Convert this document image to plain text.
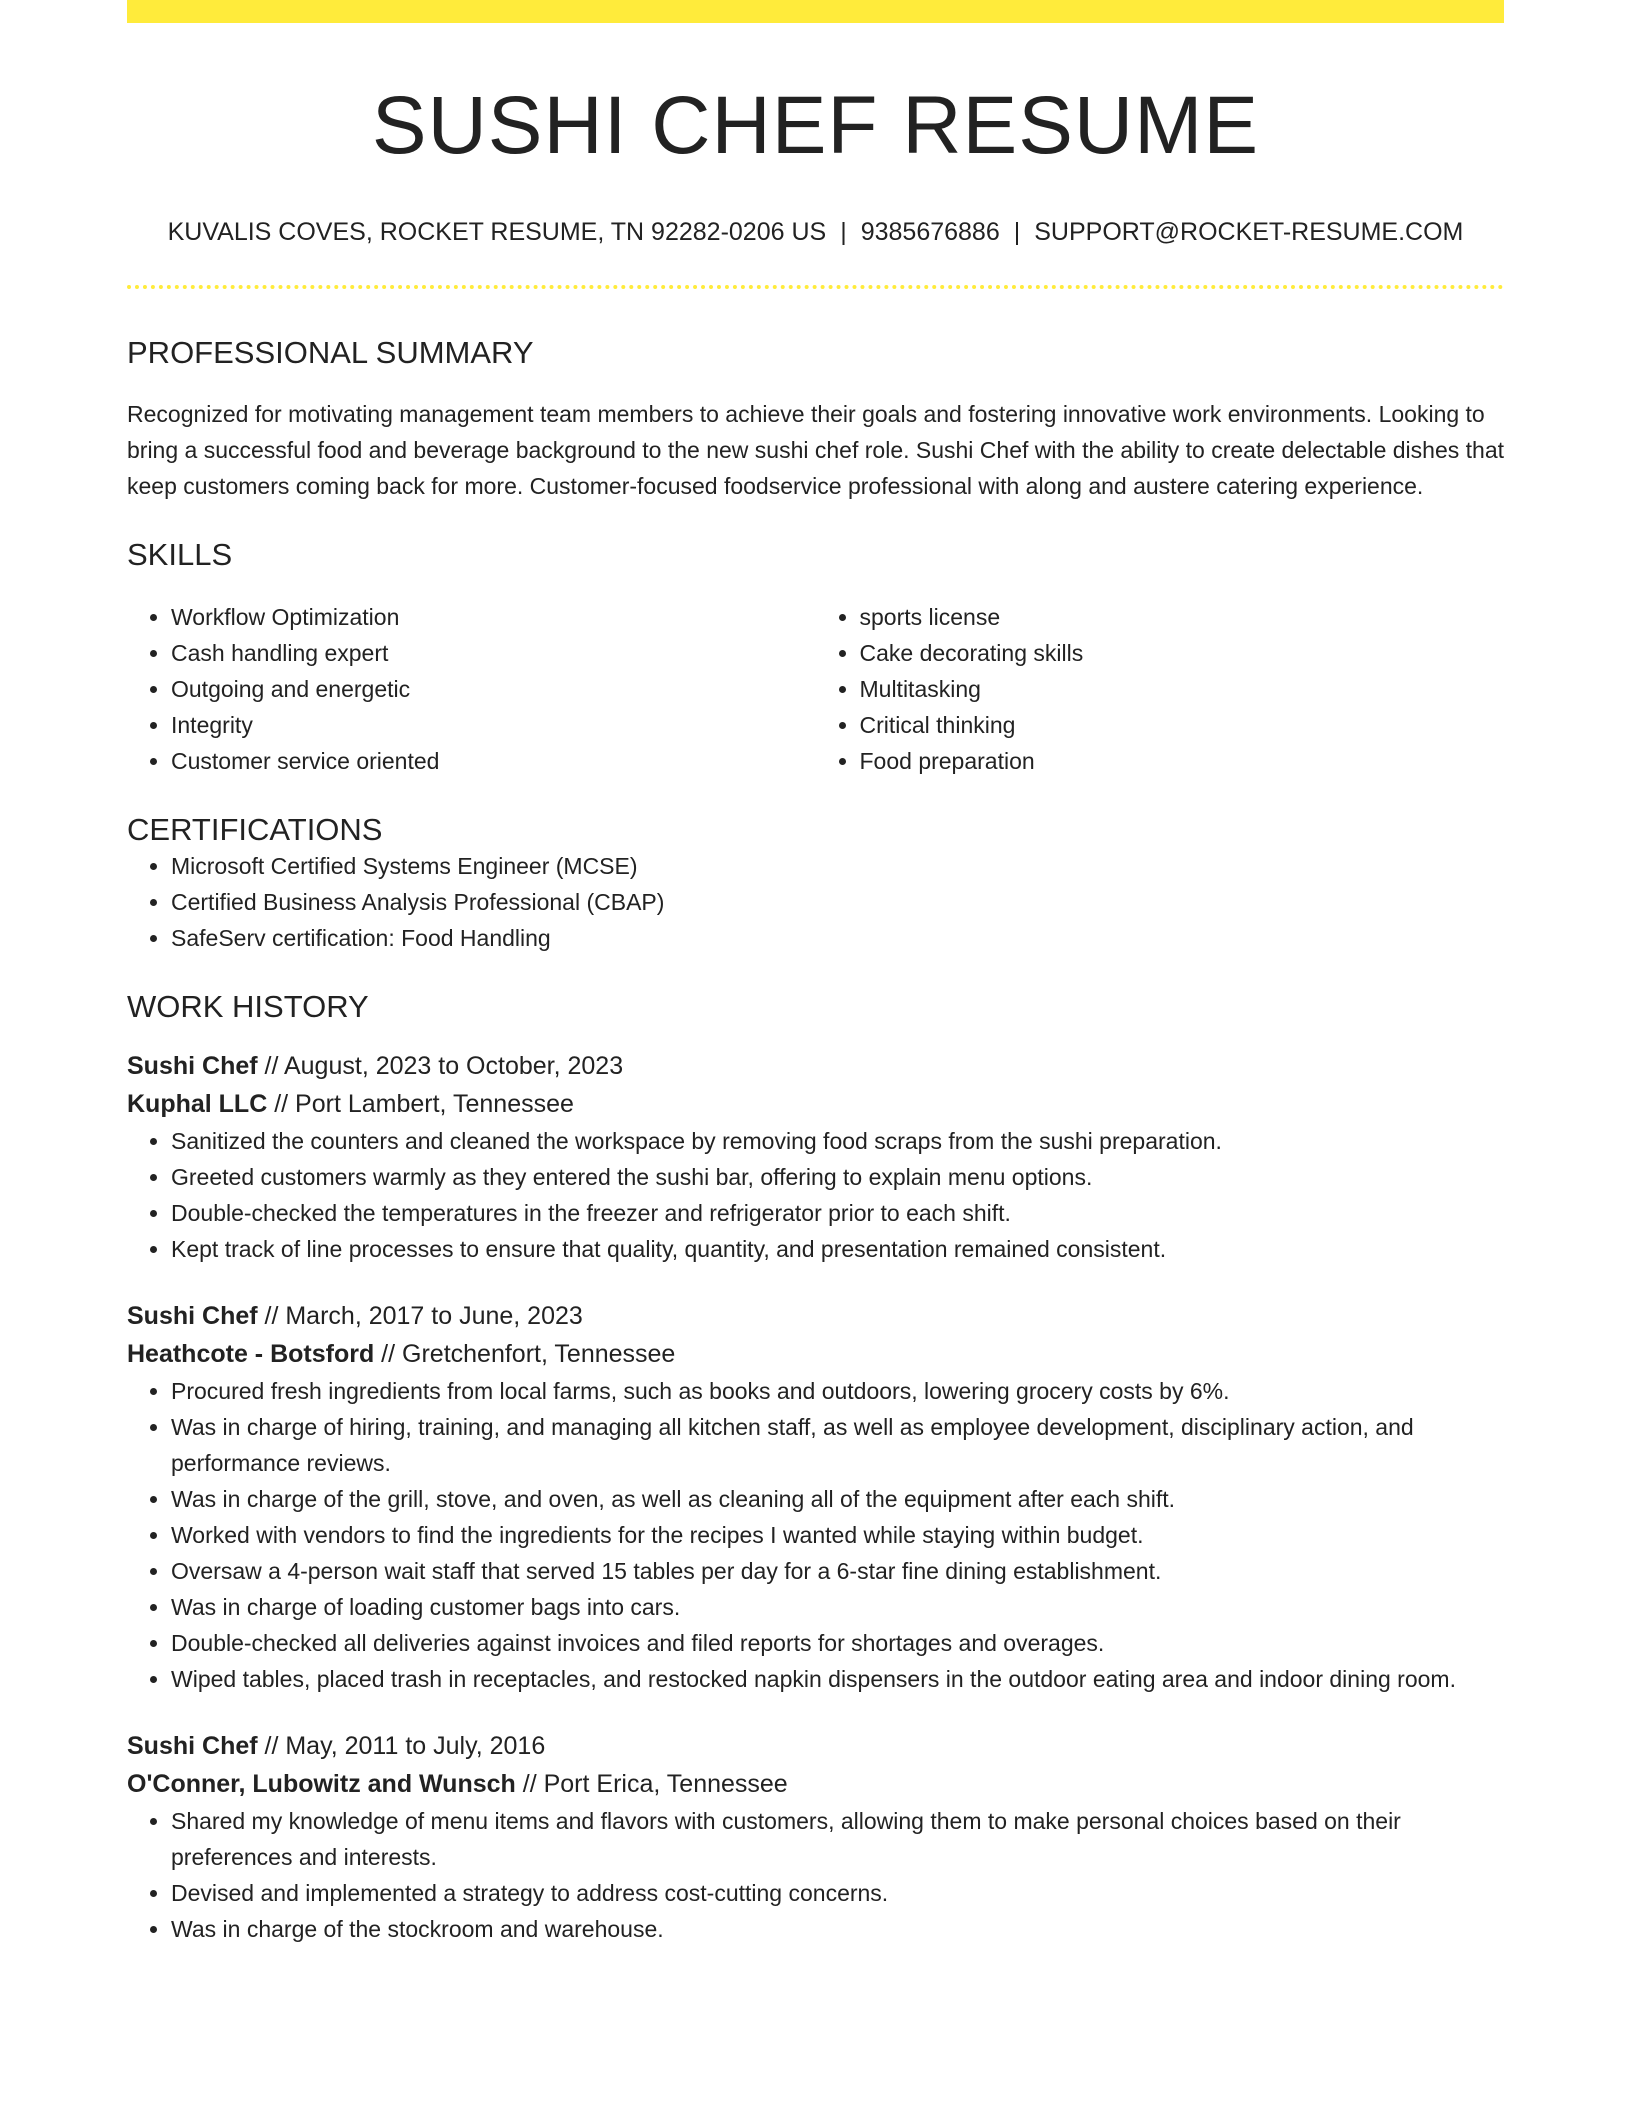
SUSHI CHEF RESUME
KUVALIS COVES, ROCKET RESUME, TN 92282-0206 US | 9385676886 | SUPPORT@ROCKET-RESUME.COM
PROFESSIONAL SUMMARY

Recognized for motivating management team members to achieve their goals and fostering innovative work environments. Looking to bring a successful food and beverage background to the new sushi chef role. Sushi Chef with the ability to create delectable dishes that keep customers coming back for more. Customer-focused foodservice professional with along and austere catering experience.

SKILLS
• Workflow Optimization
• Cash handling expert
• Outgoing and energetic
• Integrity
• Customer service oriented
• sports license
• Cake decorating skills
• Multitasking
• Critical thinking
• Food preparation
CERTIFICATIONS
• Microsoft Certified Systems Engineer (MCSE)
• Certified Business Analysis Professional (CBAP)
• SafeServ certification: Food Handling
WORK HISTORY
Sushi Chef // August, 2023 to October, 2023
Kuphal LLC // Port Lambert, Tennessee
• Sanitized the counters and cleaned the workspace by removing food scraps from the sushi preparation.
• Greeted customers warmly as they entered the sushi bar, offering to explain menu options.
• Double-checked the temperatures in the freezer and refrigerator prior to each shift.
• Kept track of line processes to ensure that quality, quantity, and presentation remained consistent.
Sushi Chef // March, 2017 to June, 2023
Heathcote - Botsford // Gretchenfort, Tennessee
• Procured fresh ingredients from local farms, such as books and outdoors, lowering grocery costs by 6%.
• Was in charge of hiring, training, and managing all kitchen staff, as well as employee development, disciplinary action, and performance reviews.
• Was in charge of the grill, stove, and oven, as well as cleaning all of the equipment after each shift.
• Worked with vendors to find the ingredients for the recipes I wanted while staying within budget.
• Oversaw a 4-person wait staff that served 15 tables per day for a 6-star fine dining establishment.
• Was in charge of loading customer bags into cars.
• Double-checked all deliveries against invoices and filed reports for shortages and overages.
• Wiped tables, placed trash in receptacles, and restocked napkin dispensers in the outdoor eating area and indoor dining room.
Sushi Chef // May, 2011 to July, 2016
O'Conner, Lubowitz and Wunsch // Port Erica, Tennessee
• Shared my knowledge of menu items and flavors with customers, allowing them to make personal choices based on their preferences and interests.
• Devised and implemented a strategy to address cost-cutting concerns.
• Was in charge of the stockroom and warehouse.
